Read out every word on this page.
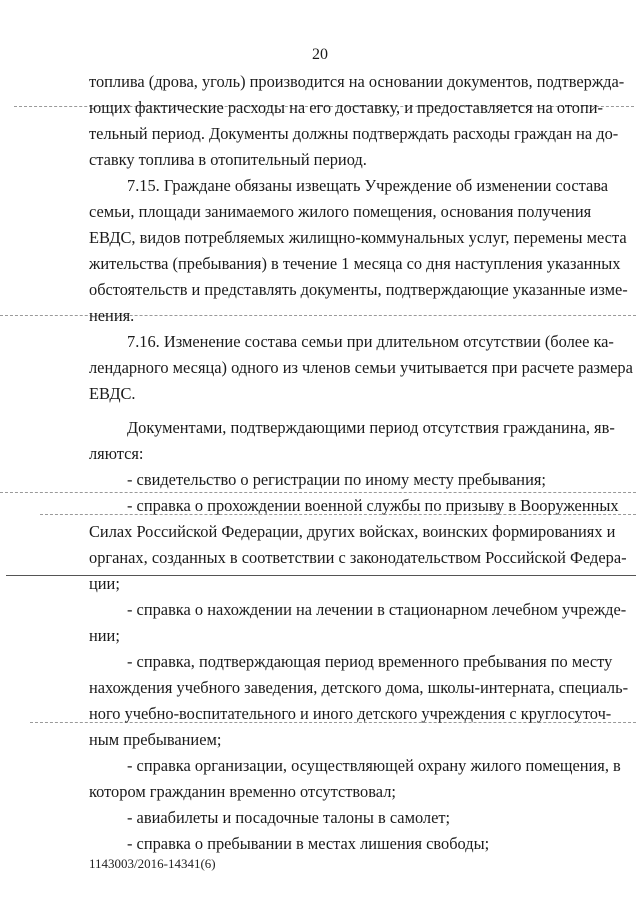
20
топлива (дрова, уголь) производится на основании документов, подтвержда-
ющих фактические расходы на его доставку, и предоставляется на отопи-
тельный период. Документы должны подтверждать расходы граждан на до-
ставку топлива в отопительный период.
7.15. Граждане обязаны извещать Учреждение об изменении состава
семьи, площади занимаемого жилого помещения, основания получения
ЕВДС, видов потребляемых жилищно-коммунальных услуг, перемены места
жительства (пребывания) в течение 1 месяца со дня наступления указанных
обстоятельств и представлять документы, подтверждающие указанные изме-
нения.
7.16. Изменение состава семьи при длительном отсутствии (более ка-
лендарного месяца) одного из членов семьи учитывается при расчете размера
ЕВДС.
Документами, подтверждающими период отсутствия гражданина, яв-
ляются:
- свидетельство о регистрации по иному месту пребывания;
- справка о прохождении военной службы по призыву в Вооруженных
Силах Российской Федерации, других войсках, воинских формированиях и
органах, созданных в соответствии с законодательством Российской Федера-
ции;
- справка о нахождении на лечении в стационарном лечебном учрежде-
нии;
- справка, подтверждающая период временного пребывания по месту
нахождения учебного заведения, детского дома, школы-интерната, специаль-
ного учебно-воспитательного и иного детского учреждения с круглосуточ-
ным пребыванием;
- справка организации, осуществляющей охрану жилого помещения, в
котором гражданин временно отсутствовал;
- авиабилеты и посадочные талоны в самолет;
- справка о пребывании в местах лишения свободы;
1143003/2016-14341(6)
